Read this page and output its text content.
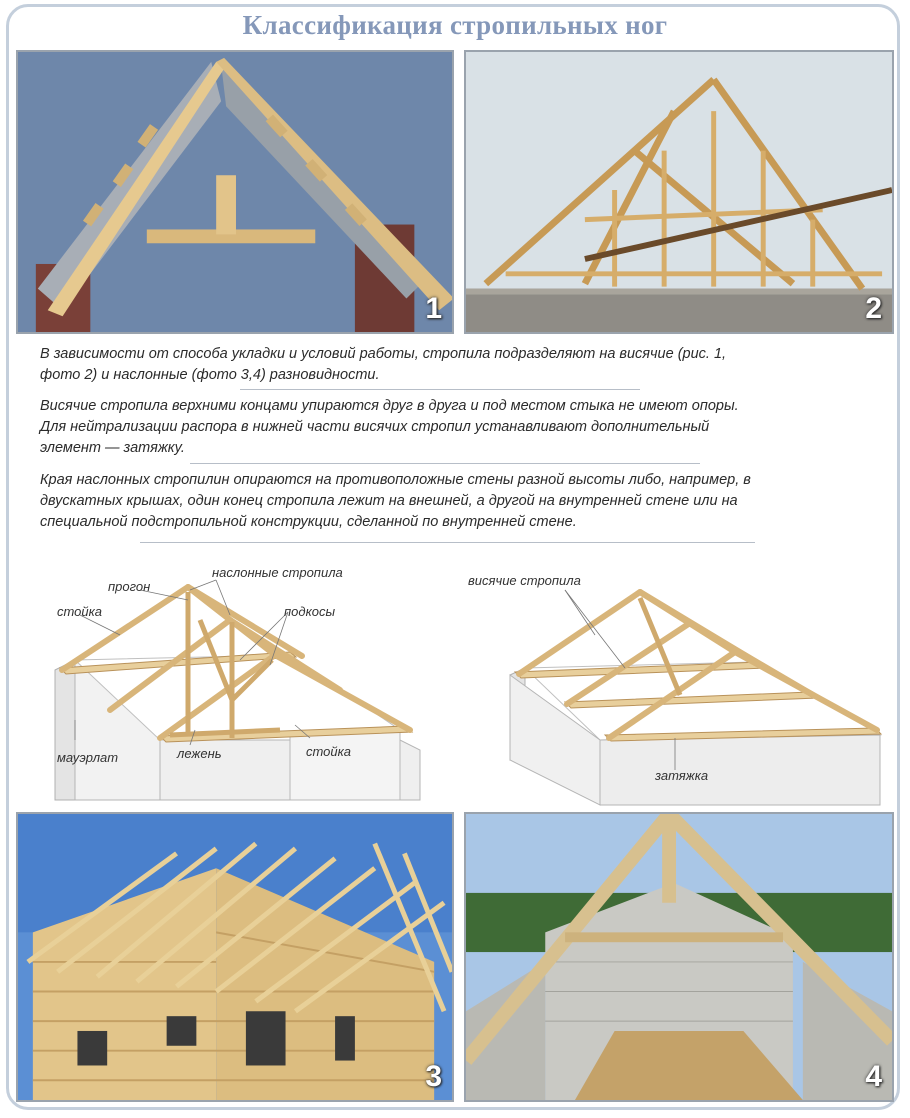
Классификация стропильных ног
1	2
В зависимости от способа укладки и условий работы, стропила подразделяют на висячие (рис. 1,
фото 2) и наслонные (фото 3,4) разновидности.
Висячие стропила верхними концами упираются друг в друга и под местом стыка не имеют опоры.
Для нейтрализации распора в нижней части висячих стропил устанавливают дополнительный
элемент — затяжку.
Края наслонных стропилин опираются на противоположные стены разной высоты либо, например, в
двускатных крышах, один конец стропила лежит на внешней, а другой на внутренней стене или на
специальной подстропильной конструкции, сделанной по внутренней стене.
прогон
наслонные стропила
стойка	подкосы
мауэрлат	лежень	стойка
висячие стропила
затяжка
3	4
